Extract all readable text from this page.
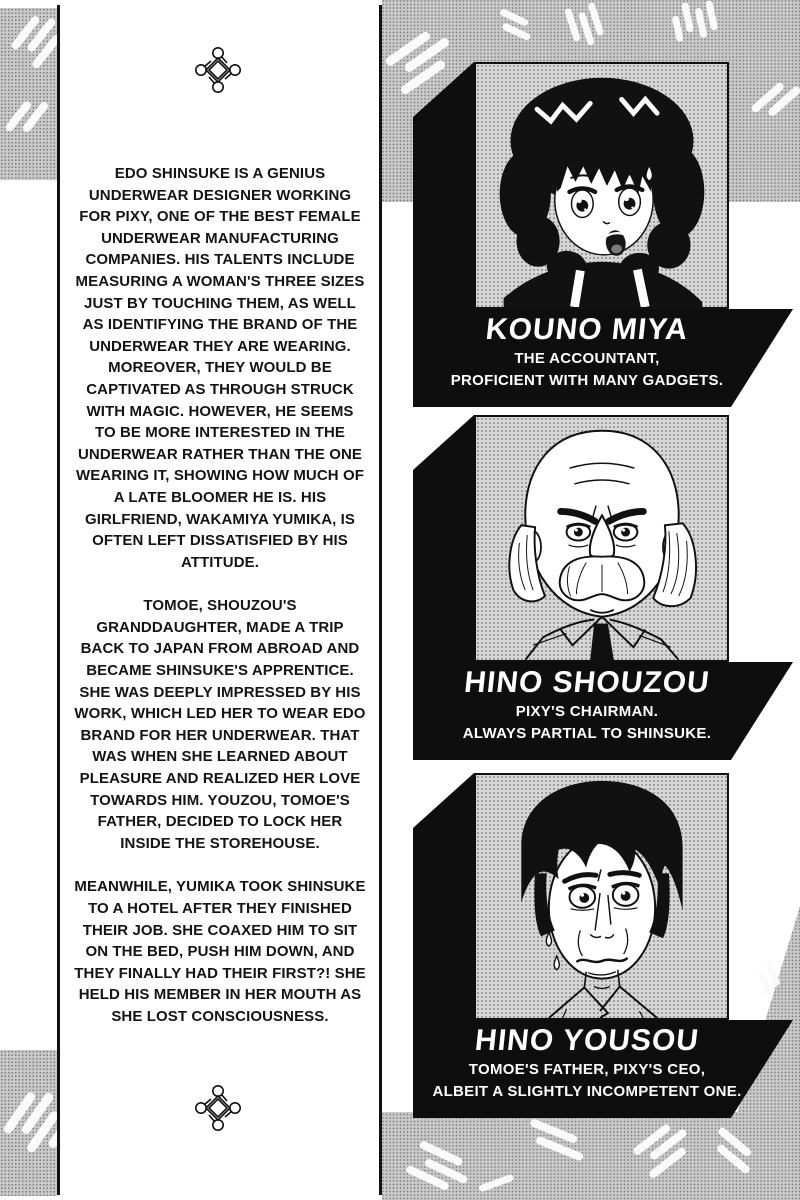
EDO SHINSUKE IS A GENIUS UNDERWEAR DESIGNER WORKING FOR PIXY, ONE OF THE BEST FEMALE UNDERWEAR MANUFACTURING COMPANIES. HIS TALENTS INCLUDE MEASURING A WOMAN'S THREE SIZES JUST BY TOUCHING THEM, AS WELL AS IDENTIFYING THE BRAND OF THE UNDERWEAR THEY ARE WEARING. MOREOVER, THEY WOULD BE CAPTIVATED AS THROUGH STRUCK WITH MAGIC. HOWEVER, HE SEEMS TO BE MORE INTERESTED IN THE UNDERWEAR RATHER THAN THE ONE WEARING IT, SHOWING HOW MUCH OF A LATE BLOOMER HE IS. HIS GIRLFRIEND, WAKAMIYA YUMIKA, IS OFTEN LEFT DISSATISFIED BY HIS ATTITUDE.

TOMOE, SHOUZOU'S GRANDDAUGHTER, MADE A TRIP BACK TO JAPAN FROM ABROAD AND BECAME SHINSUKE'S APPRENTICE. SHE WAS DEEPLY IMPRESSED BY HIS WORK, WHICH LED HER TO WEAR EDO BRAND FOR HER UNDERWEAR. THAT WAS WHEN SHE LEARNED ABOUT PLEASURE AND REALIZED HER LOVE TOWARDS HIM. YOUZOU, TOMOE'S FATHER, DECIDED TO LOCK HER INSIDE THE STOREHOUSE.

MEANWHILE, YUMIKA TOOK SHINSUKE TO A HOTEL AFTER THEY FINISHED THEIR JOB. SHE COAXED HIM TO SIT ON THE BED, PUSH HIM DOWN, AND THEY FINALLY HAD THEIR FIRST?! SHE HELD HIS MEMBER IN HER MOUTH AS SHE LOST CONSCIOUSNESS.

KOUNO MIYA
THE ACCOUNTANT,
PROFICIENT WITH MANY GADGETS.
HINO SHOUZOU
PIXY'S CHAIRMAN.
ALWAYS PARTIAL TO SHINSUKE.
HINO YOUSOU
TOMOE'S FATHER, PIXY'S CEO,
ALBEIT A SLIGHTLY INCOMPETENT ONE.
